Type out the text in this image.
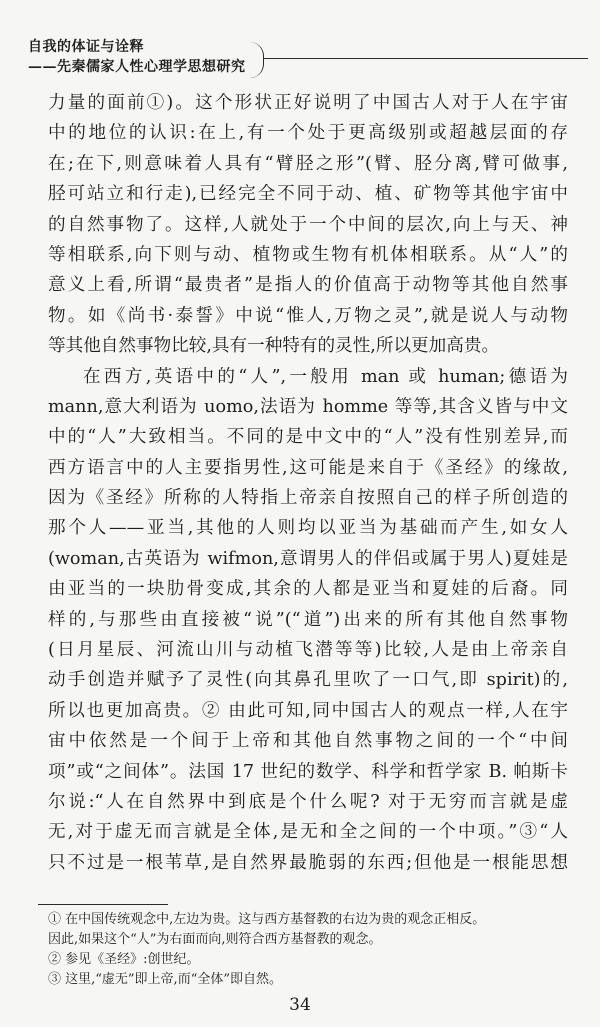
自我的体证与诠释
——先秦儒家人性心理学思想研究
力量的面前①)。这个形状正好说明了中国古人对于人在宇宙
中的地位的认识:在上,有一个处于更高级别或超越层面的存
在;在下,则意味着人具有“臂胫之形”(臂、胫分离,臂可做事,
胫可站立和行走),已经完全不同于动、植、矿物等其他宇宙中
的自然事物了。这样,人就处于一个中间的层次,向上与天、神
等相联系,向下则与动、植物或生物有机体相联系。从“人”的
意义上看,所谓“最贵者”是指人的价值高于动物等其他自然事
物。如《尚书·泰誓》中说“惟人,万物之灵”,就是说人与动物
等其他自然事物比较,具有一种特有的灵性,所以更加高贵。
在西方,英语中的“人”,一般用 man 或 human;德语为
mann,意大利语为 uomo,法语为 homme 等等,其含义皆与中文
中的“人”大致相当。不同的是中文中的“人”没有性别差异,而
西方语言中的人主要指男性,这可能是来自于《圣经》的缘故,
因为《圣经》所称的人特指上帝亲自按照自己的样子所创造的
那个人——亚当,其他的人则均以亚当为基础而产生,如女人
(woman,古英语为 wifmon,意谓男人的伴侣或属于男人)夏娃是
由亚当的一块肋骨变成,其余的人都是亚当和夏娃的后裔。同
样的,与那些由直接被“说”(“道”)出来的所有其他自然事物
(日月星辰、河流山川与动植飞潜等等)比较,人是由上帝亲自
动手创造并赋予了灵性(向其鼻孔里吹了一口气,即 spirit)的,
所以也更加高贵。② 由此可知,同中国古人的观点一样,人在宇
宙中依然是一个间于上帝和其他自然事物之间的一个“中间
项”或“之间体”。法国 17 世纪的数学、科学和哲学家 B. 帕斯卡
尔说:“人在自然界中到底是个什么呢? 对于无穷而言就是虚
无,对于虚无而言就是全体,是无和全之间的一个中项。”③“人
只不过是一根苇草,是自然界最脆弱的东西;但他是一根能思想
① 在中国传统观念中,左边为贵。这与西方基督教的右边为贵的观念正相反。
因此,如果这个“人”为右面而向,则符合西方基督教的观念。
② 参见《圣经》:创世纪。
③ 这里,“虚无”即上帝,而“全体”即自然。
34
